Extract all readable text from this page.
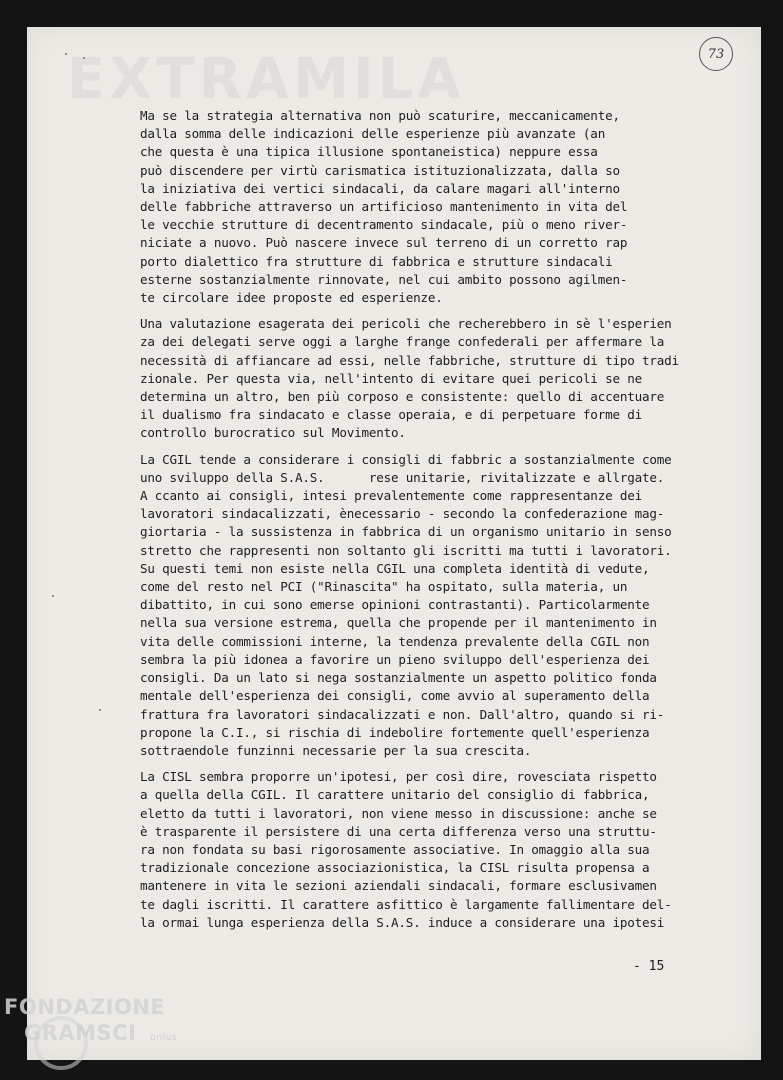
73
Ma se la strategia alternativa non può scaturire, meccanicamente,
dalla somma delle indicazioni delle esperienze più avanzate (an
che questa è una tipica illusione spontaneistica) neppure essa
può discendere per virtù carismatica istituzionalizzata, dalla so
la iniziativa dei vertici sindacali, da calare magari all'interno
delle fabbriche attraverso un artificioso mantenimento in vita del
le vecchie strutture di decentramento sindacale, più o meno river-
niciate a nuovo. Può nascere invece sul terreno di un corretto rap
porto dialettico fra strutture di fabbrica e strutture sindacali
esterne sostanzialmente rinnovate, nel cui ambito possono agilmen-
te circolare idee proposte ed esperienze.
Una valutazione esagerata dei pericoli che recherebbero in sè l'esperien
za dei delegati serve oggi a larghe frange confederali per affermare la
necessità di affiancare ad essi, nelle fabbriche, strutture di tipo tradi
zionale. Per questa via, nell'intento di evitare quei pericoli se ne
determina un altro, ben più corposo e consistente: quello di accentuare
il dualismo fra sindacato e classe operaia, e di perpetuare forme di
controllo burocratico sul Movimento.
La CGIL tende a considerare i consigli di fabbric a sostanzialmente come
uno sviluppo della S.A.S.      rese unitarie, rivitalizzate e allrgate.
A ccanto ai consigli, intesi prevalentemente come rappresentanze dei
lavoratori sindacalizzati, ènecessario - secondo la confederazione mag-
giortaria - la sussistenza in fabbrica di un organismo unitario in senso
stretto che rappresenti non soltanto gli iscritti ma tutti i lavoratori.
Su questi temi non esiste nella CGIL una completa identità di vedute,
come del resto nel PCI ("Rinascita" ha ospitato, sulla materia, un
dibattito, in cui sono emerse opinioni contrastanti). Particolarmente
nella sua versione estrema, quella che propende per il mantenimento in
vita delle commissioni interne, la tendenza prevalente della CGIL non
sembra la più idonea a favorire un pieno sviluppo dell'esperienza dei
consigli. Da un lato si nega sostanzialmente un aspetto politico fonda
mentale dell'esperienza dei consigli, come avvio al superamento della
frattura fra lavoratori sindacalizzati e non. Dall'altro, quando si ri-
propone la C.I., si rischia di indebolire fortemente quell'esperienza
sottraendole funzinni necessarie per la sua crescita.
La CISL sembra proporre un'ipotesi, per così dire, rovesciata rispetto
a quella della CGIL. Il carattere unitario del consiglio di fabbrica,
eletto da tutti i lavoratori, non viene messo in discussione: anche se
è trasparente il persistere di una certa differenza verso una struttu-
ra non fondata su basi rigorosamente associative. In omaggio alla sua
tradizionale concezione associazionistica, la CISL risulta propensa a
mantenere in vita le sezioni aziendali sindacali, formare esclusivamen
te dagli iscritti. Il carattere asfittico è largamente fallimentare del-
la ormai lunga esperienza della S.A.S. induce a considerare una ipotesi
- 15
FONDAZIONE
GRAMSCI onlus
